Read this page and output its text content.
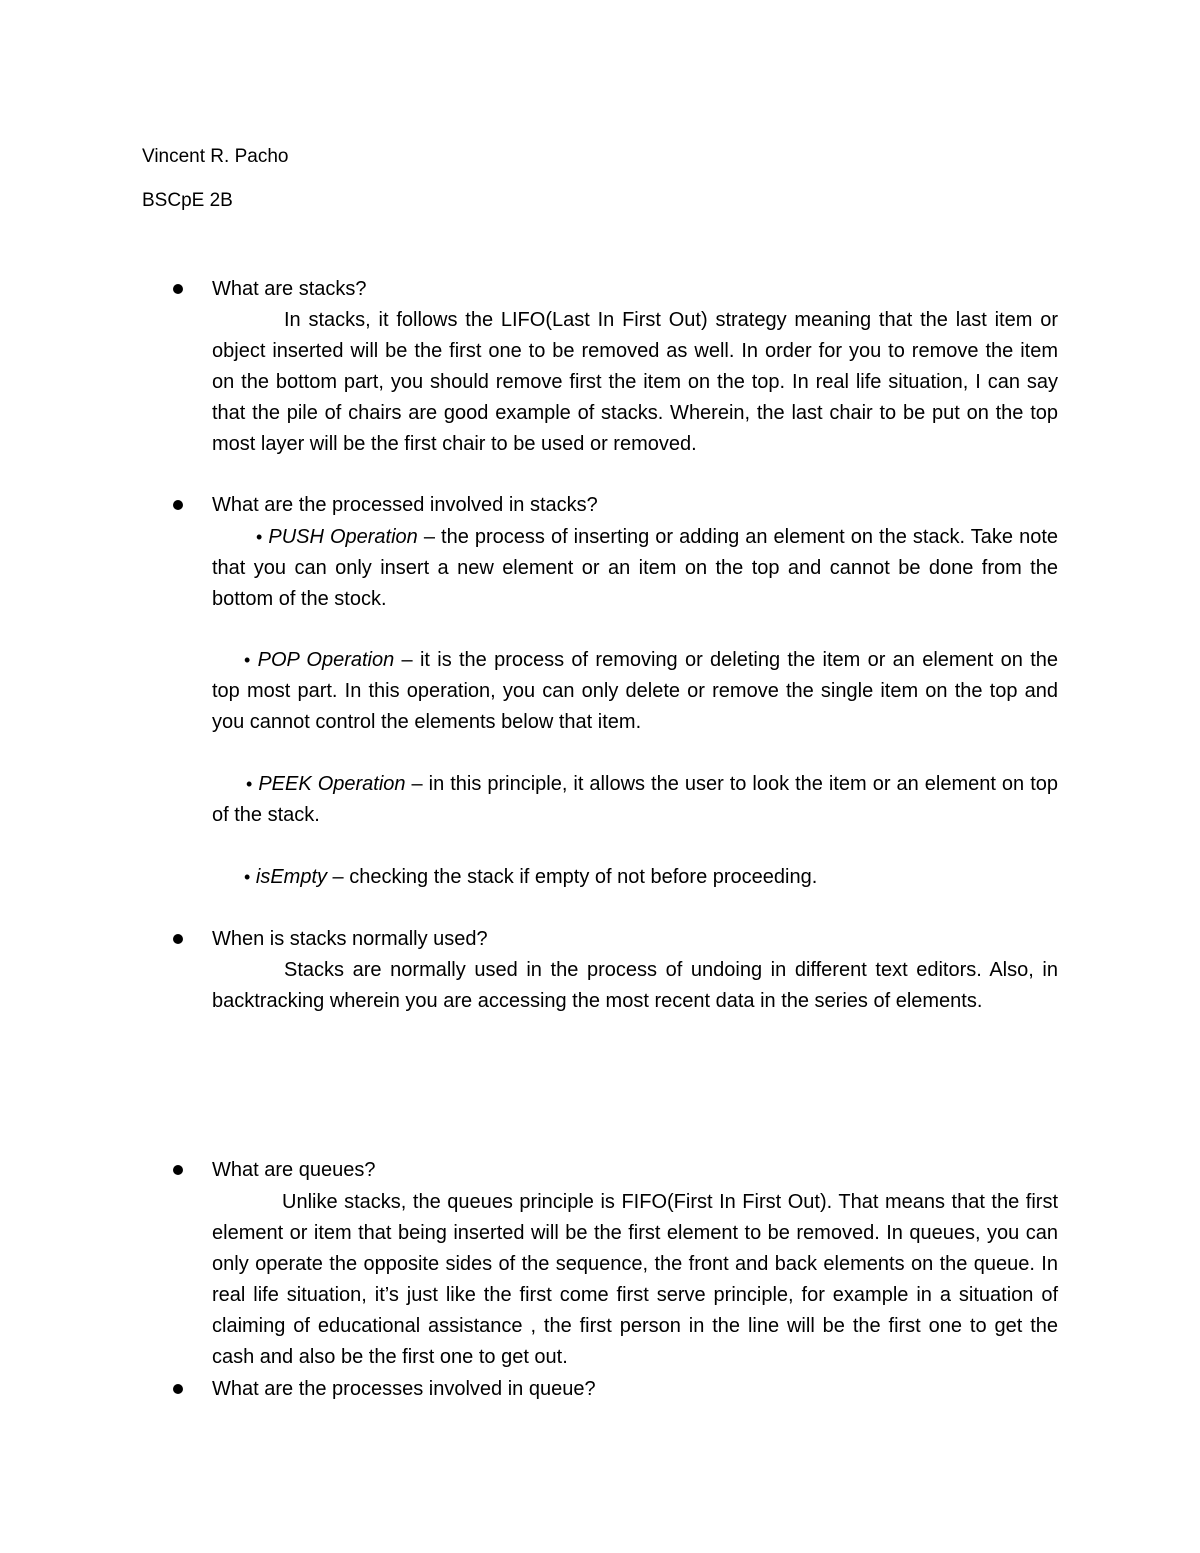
Vincent R. Pacho
BSCpE 2B
What are stacks?

In stacks, it follows the LIFO(Last In First Out) strategy meaning that the last item or object inserted will be the first one to be removed as well. In order for you to remove the item on the bottom part, you should remove first the item on the top. In real life situation, I can say that the pile of chairs are good example of stacks. Wherein, the last chair to be put on the top most layer will be the first chair to be used or removed.

What are the processed involved in stacks?

• PUSH Operation – the process of inserting or adding an element on the stack. Take note that you can only insert a new element or an item on the top and cannot be done from the bottom of the stock.

• POP Operation – it is the process of removing or deleting the item or an element on the top most part. In this operation, you can only delete or remove the single item on the top and you cannot control the elements below that item.

• PEEK Operation – in this principle, it allows the user to look the item or an element on top of the stack.

• isEmpty – checking the stack if empty of not before proceeding.

When is stacks normally used?

Stacks are normally used in the process of undoing in different text editors. Also, in backtracking wherein you are accessing the most recent data in the series of elements.

What are queues?

Unlike stacks, the queues principle is FIFO(First In First Out). That means that the first element or item that being inserted will be the first element to be removed. In queues, you can only operate the opposite sides of the sequence, the front and back elements on the queue. In real life situation, it’s just like the first come first serve principle, for example in a situation of claiming of educational assistance , the first person in the line will be the first one to get the cash and also be the first one to get out.

What are the processes involved in queue?
